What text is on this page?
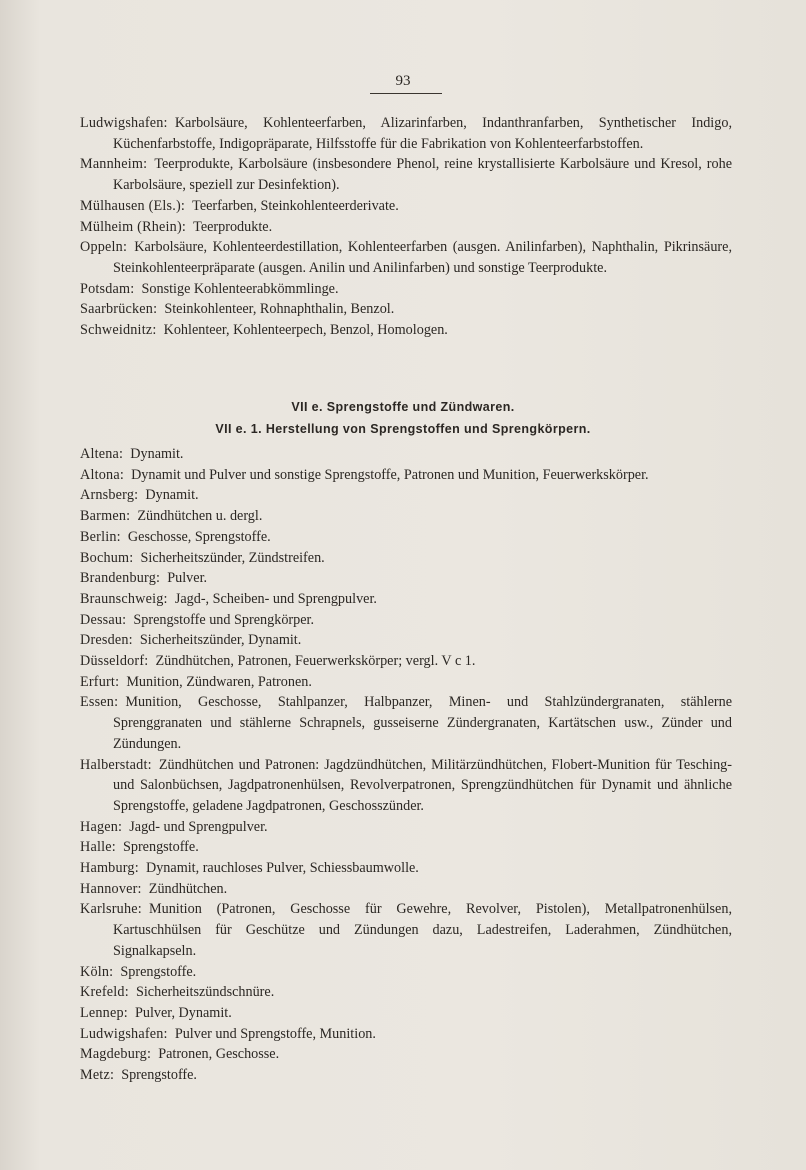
93
Ludwigshafen:  Karbolsäure, Kohlenteerfarben, Alizarinfarben, Indanthranfarben, Synthetischer Indigo, Küchenfarbstoffe, Indigopräparate, Hilfsstoffe für die Fabrikation von Kohlenteerfarbstoffen.
Mannheim:  Teerprodukte, Karbolsäure (insbesondere Phenol, reine krystallisierte Karbolsäure und Kresol, rohe Karbolsäure, speziell zur Desinfektion).
Mülhausen (Els.):  Teerfarben, Steinkohlenteerderivate.
Mülheim (Rhein):  Teerprodukte.
Oppeln:  Karbolsäure, Kohlenteerdestillation, Kohlenteerfarben (ausgen. Anilinfarben), Naphthalin, Pikrinsäure, Steinkohlenteerpräparate (ausgen. Anilin und Anilinfarben) und sonstige Teerprodukte.
Potsdam:  Sonstige Kohlenteerabkömmlinge.
Saarbrücken:  Steinkohlenteer, Rohnaphthalin, Benzol.
Schweidnitz:  Kohlenteer, Kohlenteerpech, Benzol, Homologen.
VII e. Sprengstoffe und Zündwaren.
VII e. 1. Herstellung von Sprengstoffen und Sprengkörpern.
Altena:  Dynamit.
Altona:  Dynamit und Pulver und sonstige Sprengstoffe, Patronen und Munition, Feuerwerkskörper.
Arnsberg:  Dynamit.
Barmen:  Zündhütchen u. dergl.
Berlin:  Geschosse, Sprengstoffe.
Bochum:  Sicherheitszünder, Zündstreifen.
Brandenburg:  Pulver.
Braunschweig:  Jagd-, Scheiben- und Sprengpulver.
Dessau:  Sprengstoffe und Sprengkörper.
Dresden:  Sicherheitszünder, Dynamit.
Düsseldorf:  Zündhütchen, Patronen, Feuerwerkskörper; vergl. V c 1.
Erfurt:  Munition, Zündwaren, Patronen.
Essen:  Munition, Geschosse, Stahlpanzer, Halbpanzer, Minen- und Stahlzündergranaten, stählerne Sprenggranaten und stählerne Schrapnels, gusseiserne Zündergranaten, Kartätschen usw., Zünder und Zündungen.
Halberstadt:  Zündhütchen und Patronen: Jagdzündhütchen, Militärzündhütchen, Flobert-Munition für Tesching- und Salonbüchsen, Jagdpatronenhülsen, Revolverpatronen, Sprengzündhütchen für Dynamit und ähnliche Sprengstoffe, geladene Jagdpatronen, Geschosszünder.
Hagen:  Jagd- und Sprengpulver.
Halle:  Sprengstoffe.
Hamburg:  Dynamit, rauchloses Pulver, Schiessbaumwolle.
Hannover:  Zündhütchen.
Karlsruhe:  Munition (Patronen, Geschosse für Gewehre, Revolver, Pistolen), Metallpatronenhülsen, Kartuschhülsen für Geschütze und Zündungen dazu, Ladestreifen, Laderahmen, Zündhütchen, Signalkapseln.
Köln:  Sprengstoffe.
Krefeld:  Sicherheitszündschnüre.
Lennep:  Pulver, Dynamit.
Ludwigshafen:  Pulver und Sprengstoffe, Munition.
Magdeburg:  Patronen, Geschosse.
Metz:  Sprengstoffe.
